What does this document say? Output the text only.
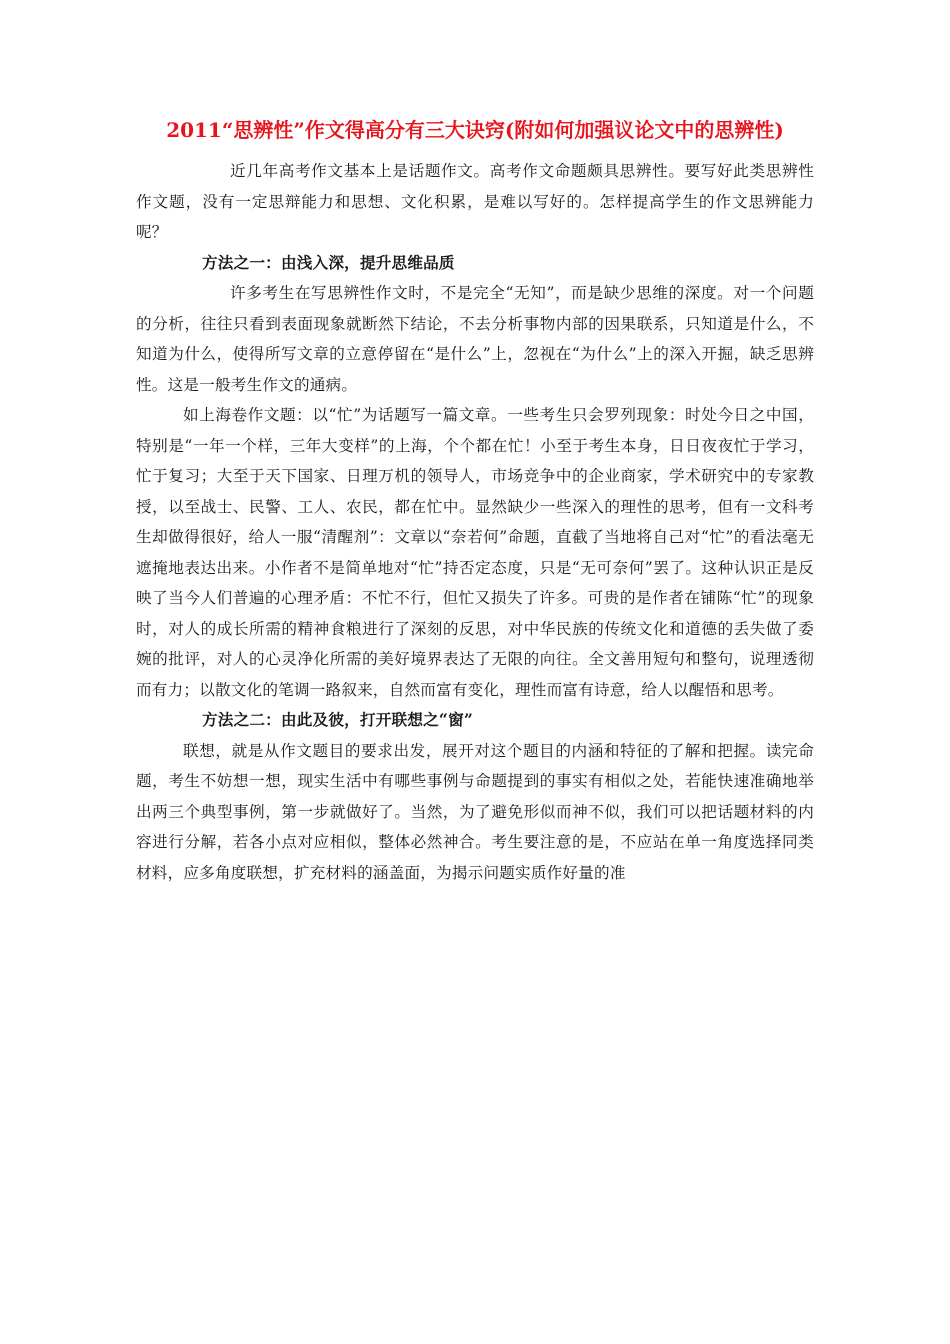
2011“思辨性”作文得高分有三大诀窍(附如何加强议论文中的思辨性)

近几年高考作文基本上是话题作文。高考作文命题颇具思辨性。要写好此类思辨性作文题，没有一定思辩能力和思想、文化积累，是难以写好的。怎样提高学生的作文思辨能力呢？

方法之一：由浅入深，提升思维品质

许多考生在写思辨性作文时，不是完全“无知”，而是缺少思维的深度。对一个问题的分析，往往只看到表面现象就断然下结论，不去分析事物内部的因果联系，只知道是什么，不知道为什么，使得所写文章的立意停留在“是什么”上，忽视在“为什么”上的深入开掘，缺乏思辨性。这是一般考生作文的通病。

如上海卷作文题：以“忙”为话题写一篇文章。一些考生只会罗列现象：时处今日之中国，特别是“一年一个样，三年大变样”的上海，个个都在忙！小至于考生本身，日日夜夜忙于学习，忙于复习；大至于天下国家、日理万机的领导人，市场竞争中的企业商家，学术研究中的专家教授，以至战士、民警、工人、农民，都在忙中。显然缺少一些深入的理性的思考，但有一文科考生却做得很好，给人一服“清醒剂”：文章以“奈若何”命题，直截了当地将自己对“忙”的看法毫无遮掩地表达出来。小作者不是简单地对“忙”持否定态度，只是“无可奈何”罢了。这种认识正是反映了当今人们普遍的心理矛盾：不忙不行，但忙又损失了许多。可贵的是作者在铺陈“忙”的现象时，对人的成长所需的精神食粮进行了深刻的反思，对中华民族的传统文化和道德的丢失做了委婉的批评，对人的心灵净化所需的美好境界表达了无限的向往。全文善用短句和整句，说理透彻而有力；以散文化的笔调一路叙来，自然而富有变化，理性而富有诗意，给人以醒悟和思考。

方法之二：由此及彼，打开联想之“窗”

联想，就是从作文题目的要求出发，展开对这个题目的内涵和特征的了解和把握。读完命题，考生不妨想一想，现实生活中有哪些事例与命题提到的事实有相似之处，若能快速准确地举出两三个典型事例，第一步就做好了。当然，为了避免形似而神不似，我们可以把话题材料的内容进行分解，若各小点对应相似，整体必然神合。考生要注意的是，不应站在单一角度选择同类材料，应多角度联想，扩充材料的涵盖面，为揭示问题实质作好量的准
